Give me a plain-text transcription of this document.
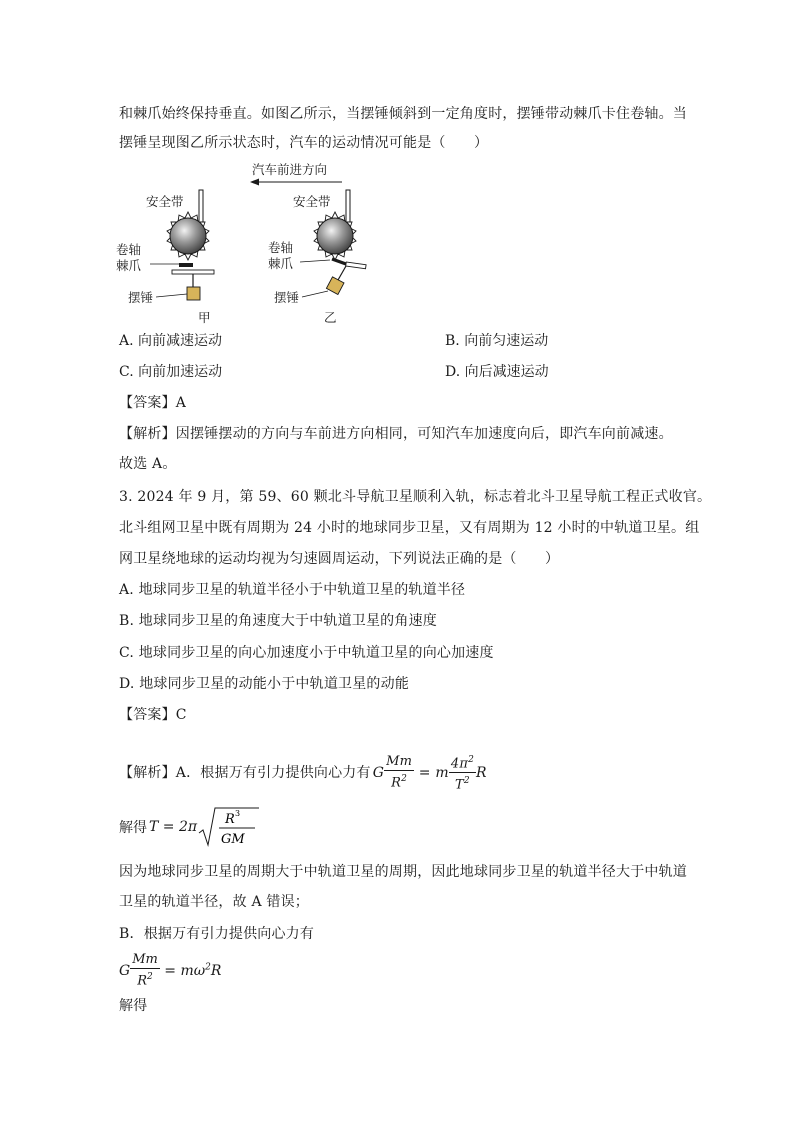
和棘爪始终保持垂直。如图乙所示，当摆锤倾斜到一定角度时，摆锤带动棘爪卡住卷轴。当
摆锤呈现图乙所示状态时，汽车的运动情况可能是（　　）
汽车前进方向
安全带
卷轴
棘爪
摆锤
甲
安全带
卷轴
棘爪
摆锤
乙
A. 向前减速运动	B. 向前匀速运动
C. 向前加速运动	D. 向后减速运动
【答案】A
【解析】因摆锤摆动的方向与车前进方向相同，可知汽车加速度向后，即汽车向前减速。
故选 A。
3. 2024 年 9 月，第 59、60 颗北斗导航卫星顺利入轨，标志着北斗卫星导航工程正式收官。
北斗组网卫星中既有周期为 24 小时的地球同步卫星，又有周期为 12 小时的中轨道卫星。组
网卫星绕地球的运动均视为匀速圆周运动，下列说法正确的是（　　）
A. 地球同步卫星的轨道半径小于中轨道卫星的轨道半径
B. 地球同步卫星的角速度大于中轨道卫星的角速度
C. 地球同步卫星的向心加速度小于中轨道卫星的向心加速度
D. 地球同步卫星的动能小于中轨道卫星的动能
【答案】C
【解析】A．根据万有引力提供向心力有 G $\frac{Mm}{R^2} = m \frac{4\pi^2}{T^2}$ R
解得 T = 2π R 3
GM
因为地球同步卫星的周期大于中轨道卫星的周期，因此地球同步卫星的轨道半径大于中轨道
卫星的轨道半径，故 A 错误；
B．根据万有引力提供向心力有
G $\frac{Mm}{R^2} = m\omega^2R$
解得
